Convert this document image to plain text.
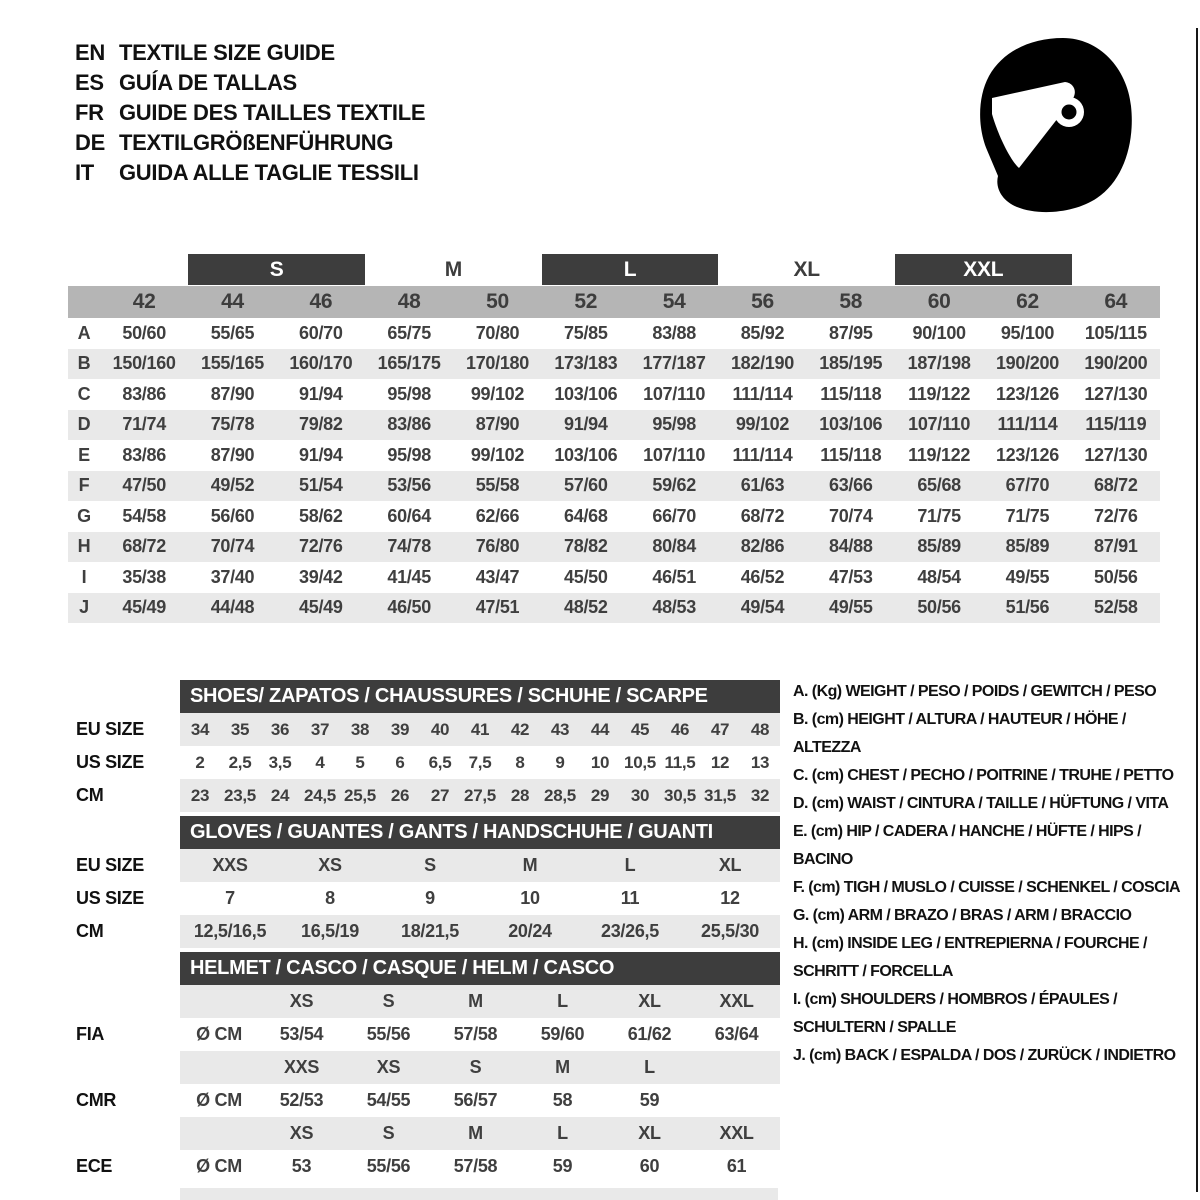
EN TEXTILE SIZE GUIDE
ES GUÍA DE TALLAS
FR GUIDE DES TAILLES TEXTILE
DE TEXTILGRÖßENFÜHRUNG
IT	GUIDA ALLE TAGLIE TESSILI

		S		M		L		XL		XXL		

	42	44	46	48	50	52	54	56	58	60	62	64
A	50/60	55/65	60/70	65/75	70/80	75/85	83/88	85/92	87/95	90/100	95/100	105/115
B	150/160	155/165	160/170	165/175	170/180	173/183	177/187	182/190	185/195	187/198	190/200	190/200
C	83/86	87/90	91/94	95/98	99/102	103/106	107/110	111/114	115/118	119/122	123/126	127/130
D	71/74	75/78	79/82	83/86	87/90	91/94	95/98	99/102	103/106	107/110	111/114	115/119
E	83/86	87/90	91/94	95/98	99/102	103/106	107/110	111/114	115/118	119/122	123/126	127/130
F	47/50	49/52	51/54	53/56	55/58	57/60	59/62	61/63	63/66	65/68	67/70	68/72
G	54/58	56/60	58/62	60/64	62/66	64/68	66/70	68/72	70/74	71/75	71/75	72/76
H	68/72	70/74	72/76	74/78	76/80	78/82	80/84	82/86	84/88	85/89	85/89	87/91
I	35/38	37/40	39/42	41/45	43/47	45/50	46/51	46/52	47/53	48/54	49/55	50/56
J	45/49	44/48	45/49	46/50	47/51	48/52	48/53	49/54	49/55	50/56	51/56	52/58
	SHOES/ ZAPATOS / CHAUSSURES / SCHUHE / SCARPE														
EU SIZE	34	35	36	37	38	39	40	41	42	43	44	45	46	47	48
US SIZE	2	2,5	3,5	4	5	6	6,5	7,5	8	9	10	10,5	11,5	12	13
CM	23	23,5	24	24,5	25,5	26	27	27,5	28	28,5	29	30	30,5	31,5	32
	GLOVES / GUANTES / GANTS / HANDSCHUHE / GUANTI					
EU SIZE	XXS	XS	S	M	L	XL
US SIZE	7	8	9	10	11	12
CM	12,5/16,5	16,5/19	18/21,5	20/24	23/26,5	25,5/30
	HELMET / CASCO / CASQUE / HELM / CASCO						
		XS	S	M	L	XL	XXL
FIA	Ø CM	53/54	55/56	57/58	59/60	61/62	63/64
		XXS	XS	S	M	L	
CMR	Ø CM	52/53	54/55	56/57	58	59	
		XS	S	M	L	XL	XXL
ECE	Ø CM	53	55/56	57/58	59	60	61
A. (Kg) WEIGHT / PESO / POIDS / GEWITCH / PESO
B. (cm) HEIGHT / ALTURA / HAUTEUR / HÖHE / ALTEZZA
C. (cm) CHEST / PECHO / POITRINE / TRUHE / PETTO
D. (cm) WAIST / CINTURA / TAILLE / HÜFTUNG / VITA
E. (cm) HIP / CADERA / HANCHE / HÜFTE / HIPS / BACINO
F. (cm) TIGH / MUSLO / CUISSE / SCHENKEL / COSCIA
G. (cm) ARM / BRAZO / BRAS / ARM / BRACCIO
H. (cm) INSIDE LEG / ENTREPIERNA / FOURCHE / SCHRITT / FORCELLA
I. (cm) SHOULDERS / HOMBROS / ÉPAULES / SCHULTERN / SPALLE
J. (cm) BACK / ESPALDA / DOS / ZURÜCK / INDIETRO
